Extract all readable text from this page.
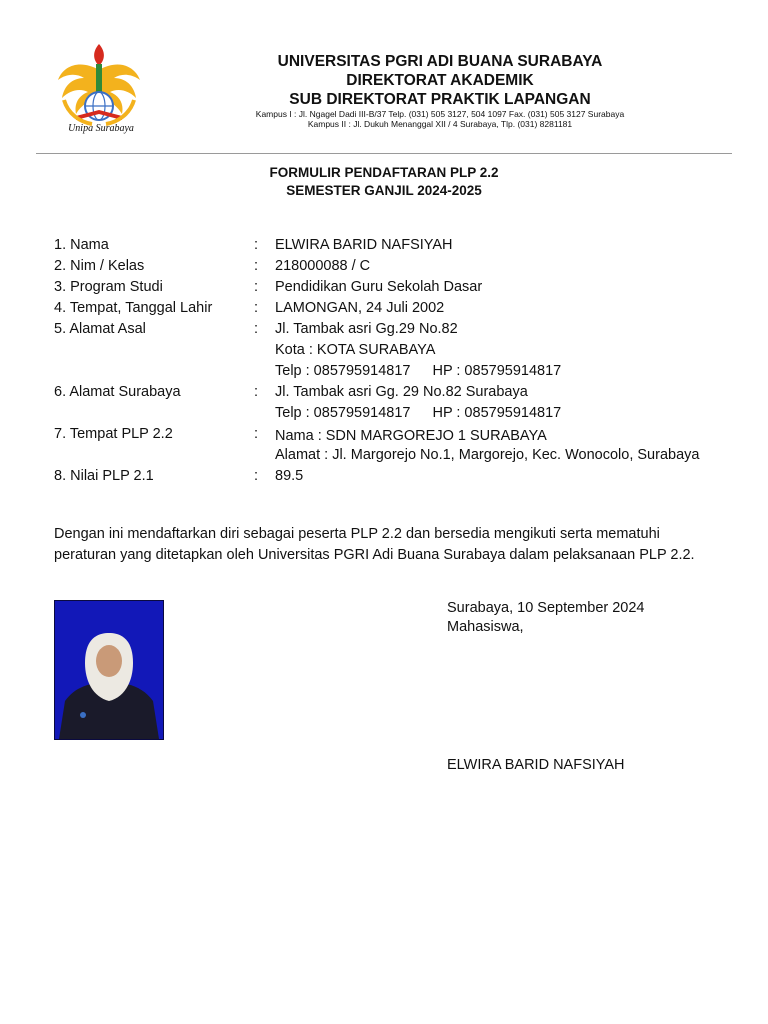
Unipa Surabaya
UNIVERSITAS PGRI ADI BUANA SURABAYA
DIREKTORAT AKADEMIK
SUB DIREKTORAT PRAKTIK LAPANGAN
Kampus I : Jl. Ngagel Dadi III-B/37 Telp. (031) 505 3127, 504 1097 Fax. (031) 505 3127 Surabaya
Kampus II : Jl. Dukuh Menanggal XII / 4 Surabaya, Tlp. (031) 8281181
FORMULIR PENDAFTARAN PLP 2.2
SEMESTER GANJIL 2024-2025
1. Nama	:	ELWIRA BARID NAFSIYAH
2. Nim / Kelas	:	218000088 / C
3. Program Studi	:	Pendidikan Guru Sekolah Dasar
4. Tempat, Tanggal Lahir	:	LAMONGAN, 24 Juli 2002
5. Alamat Asal	:	Jl. Tambak asri Gg.29 No.82
Kota : KOTA SURABAYA
Telp : 085795914817 HP : 085795914817
6. Alamat Surabaya	:	Jl. Tambak asri Gg. 29 No.82 Surabaya
Telp : 085795914817 HP : 085795914817
7. Tempat PLP 2.2	:	Nama : SDN MARGOREJO 1 SURABAYA
Alamat : Jl. Margorejo No.1, Margorejo, Kec. Wonocolo, Surabaya
8. Nilai PLP 2.1	:	89.5
Dengan ini mendaftarkan diri sebagai peserta PLP 2.2 dan bersedia mengikuti serta mematuhi peraturan yang ditetapkan oleh Universitas PGRI Adi Buana Surabaya dalam pelaksanaan PLP 2.2.
Surabaya, 10 September 2024
Mahasiswa,
ELWIRA BARID NAFSIYAH
